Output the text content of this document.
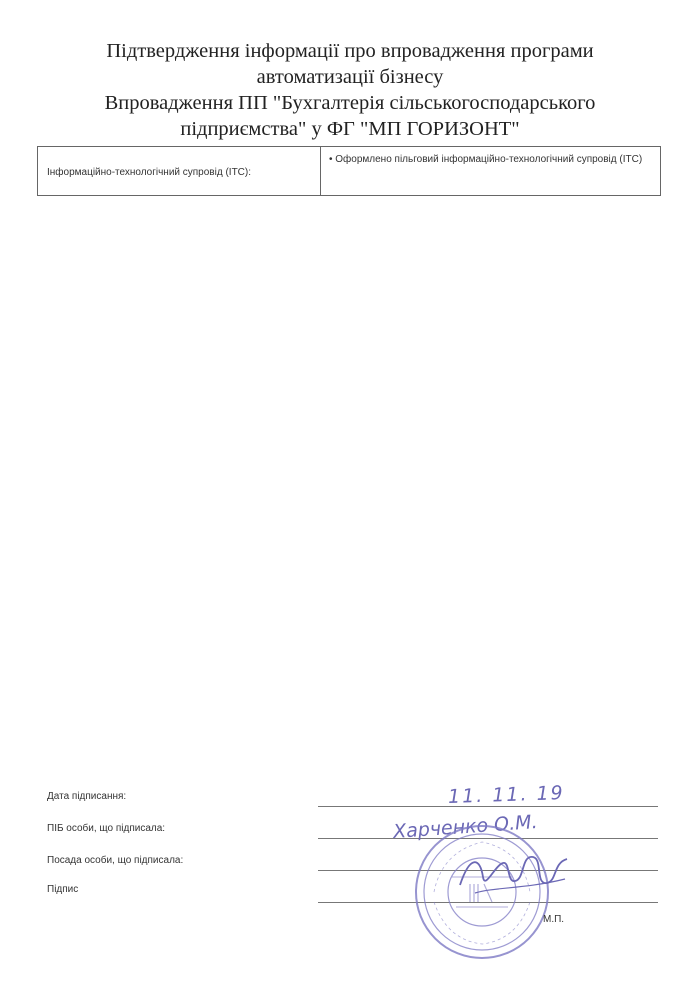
Підтвердження інформації про впровадження програми
автоматизації бізнесу
Впровадження ПП "Бухгалтерія сільськогосподарського
підприємства" у ФГ "МП ГОРИЗОНТ"
Інформаційно-технологічний супровід (ІТС):
• Оформлено пільговий інформаційно-технологічний супровід (ІТС)
Дата підписання:
ПІБ особи, що підписала:
Посада особи, що підписала:
Підпис
11. 11. 19
Харченко О.М.
М.П.
